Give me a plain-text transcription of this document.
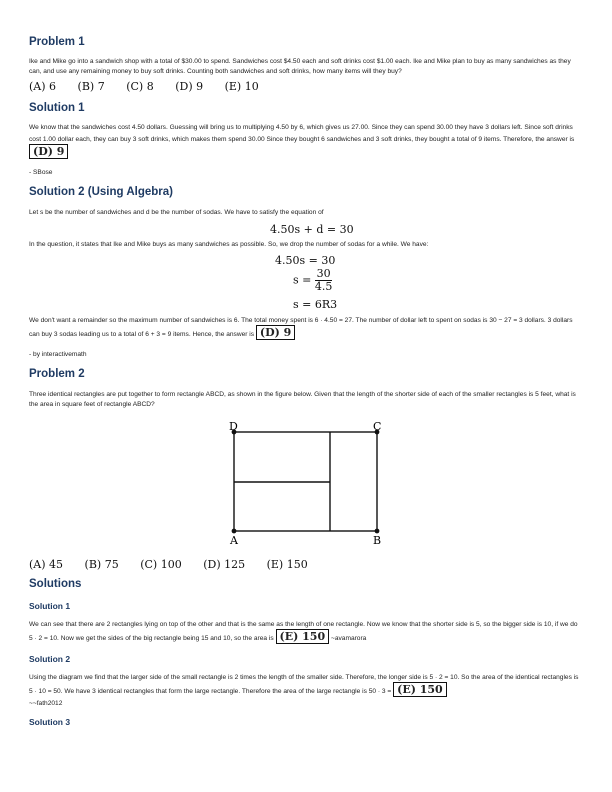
Problem 1
Ike and Mike go into a sandwich shop with a total of $30.00 to spend. Sandwiches cost $4.50 each and soft drinks cost $1.00 each. Ike and Mike plan to buy as many sandwiches as they can, and use any remaining money to buy soft drinks. Counting both sandwiches and soft drinks, how many items will they buy?
(A) 6 (B) 7 (C) 8 (D) 9 (E) 10
Solution 1
We know that the sandwiches cost 4.50 dollars. Guessing will bring us to multiplying 4.50 by 6, which gives us 27.00. Since they can spend 30.00 they have 3 dollars left. Since soft drinks cost 1.00 dollar each, they can buy 3 soft drinks, which makes them spend 30.00 Since they bought 6 sandwiches and 3 soft drinks, they bought a total of 9 items. Therefore, the answer is (D) 9
- SBose
Solution 2 (Using Algebra)
Let s be the number of sandwiches and d be the number of sodas. We have to satisfy the equation of
4.50s + d = 30
In the question, it states that Ike and Mike buys as many sandwiches as possible. So, we drop the number of sodas for a while. We have:
4.50s = 30
$s = \frac{30}{4.5}$
s = 6R3
We don't want a remainder so the maximum number of sandwiches is 6. The total money spent is 6 · 4.50 = 27. The number of dollar left to spent on sodas is 30 − 27 = 3 dollars. 3 dollars can buy 3 sodas leading us to a total of 6 + 3 = 9 items. Hence, the answer is (D) 9
- by interactivemath
Problem 2
Three identical rectangles are put together to form rectangle ABCD, as shown in the figure below. Given that the length of the shorter side of each of the smaller rectangles is 5 feet, what is the area in square feet of rectangle ABCD?
D	C
A	B
(A) 45 (B) 75 (C) 100 (D) 125 (E) 150
Solutions
Solution 1
We can see that there are 2 rectangles lying on top of the other and that is the same as the length of one rectangle. Now we know that the shorter side is 5, so the bigger side is 10, if we do 5 · 2 = 10. Now we get the sides of the big rectangle being 15 and 10, so the area is (E) 150 ~avamarora
Solution 2
Using the diagram we find that the larger side of the small rectangle is 2 times the length of the smaller side. Therefore, the longer side is 5 · 2 = 10. So the area of the identical rectangles is 5 · 10 = 50. We have 3 identical rectangles that form the large rectangle. Therefore the area of the large rectangle is 50 · 3 = (E) 150
~~fath2012
Solution 3
